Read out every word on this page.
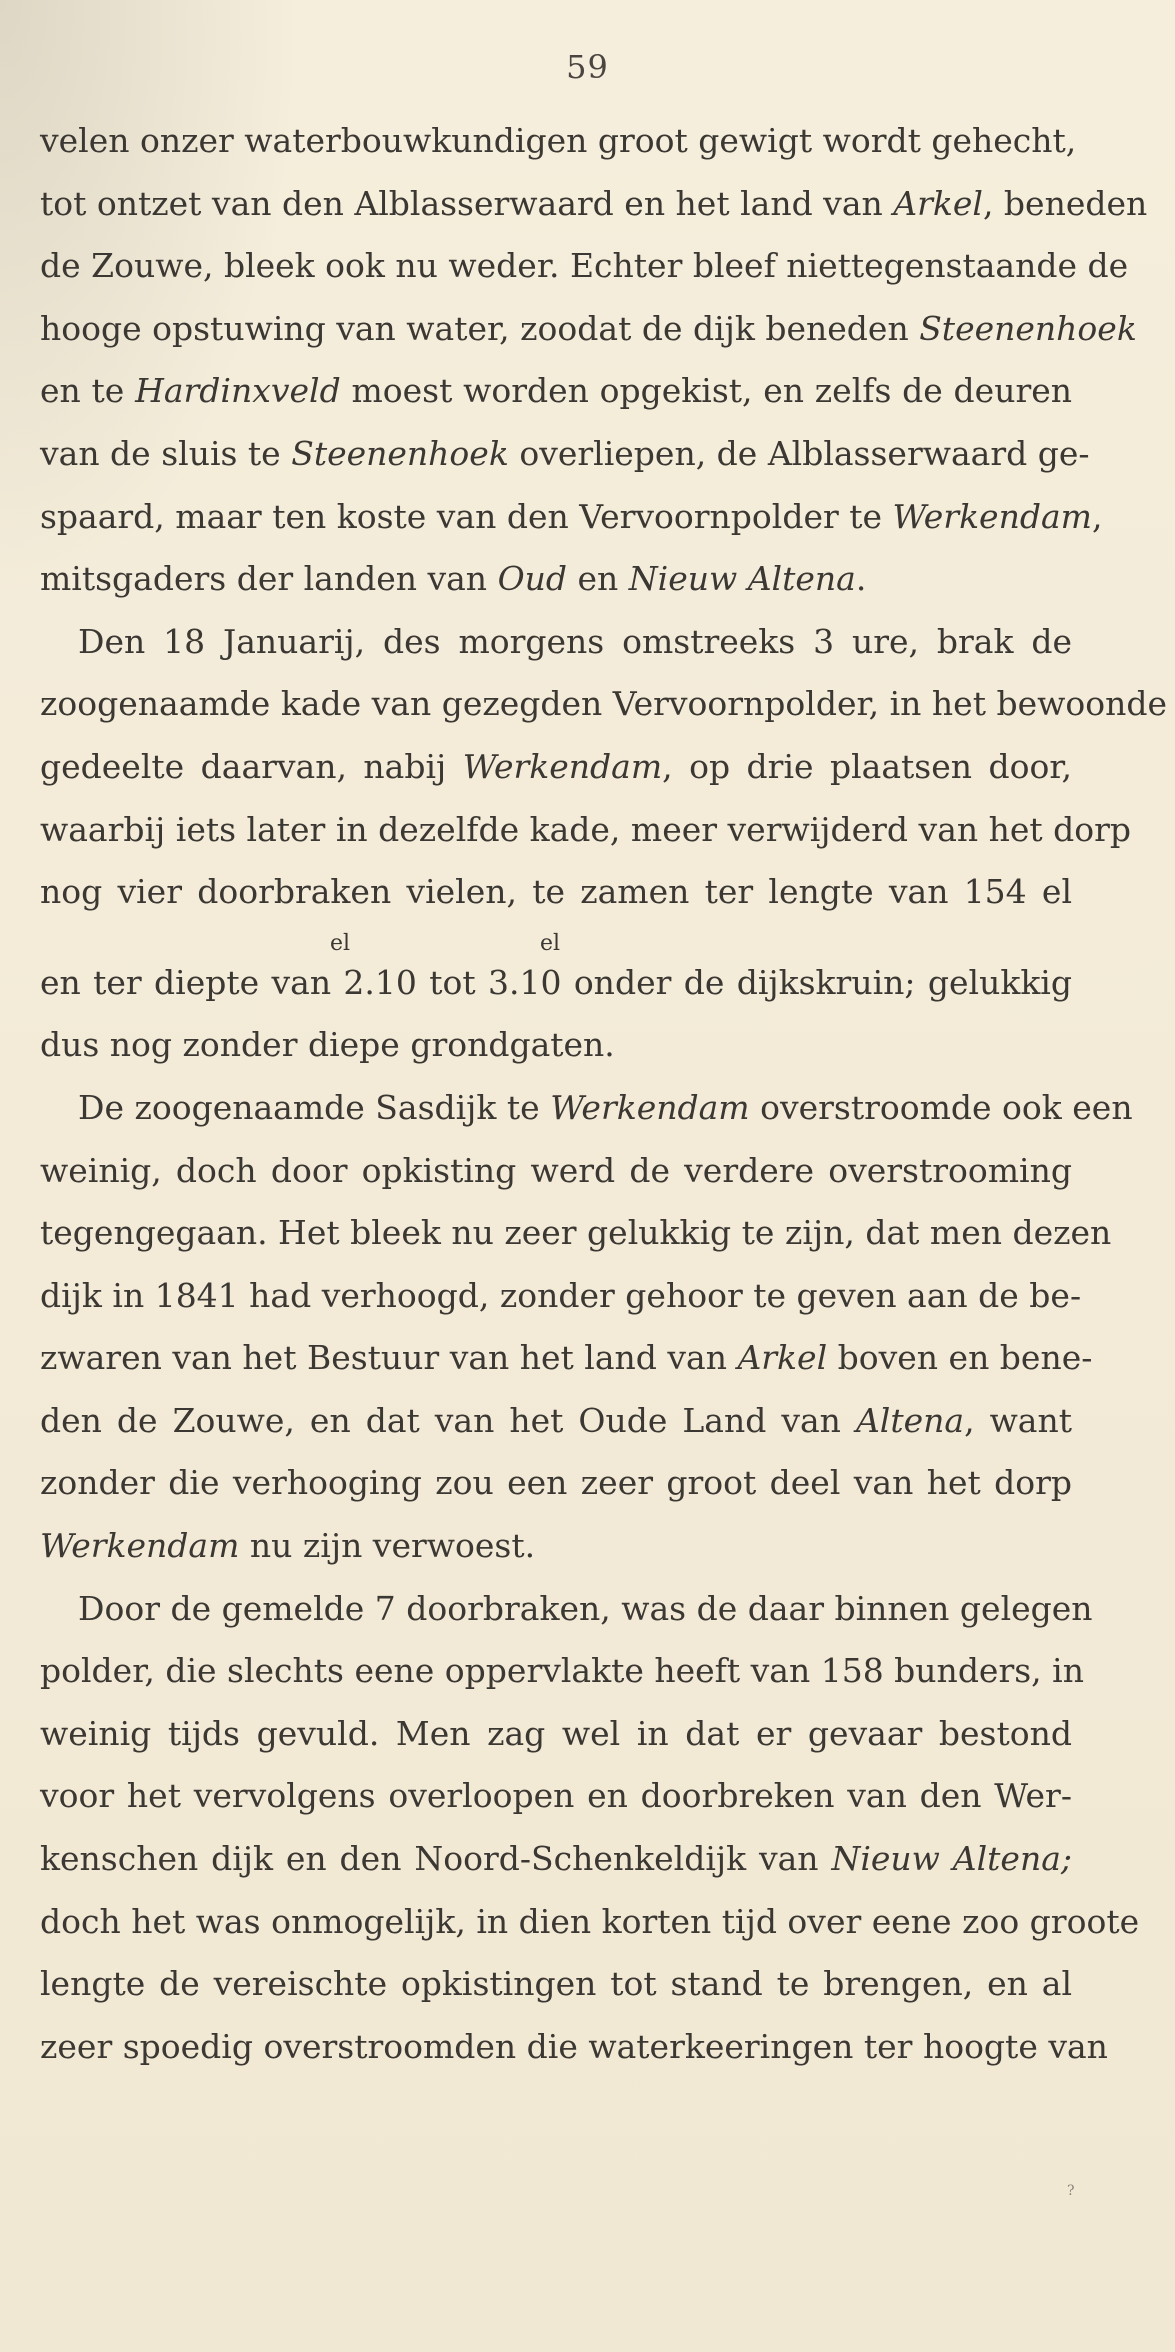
59
velen onzer waterbouwkundigen groot gewigt wordt gehecht,
tot ontzet van den Alblasserwaard en het land van Arkel, beneden
de Zouwe, bleek ook nu weder. Echter bleef niettegenstaande de
hooge opstuwing van water, zoodat de dijk beneden Steenenhoek
en te Hardinxveld moest worden opgekist, en zelfs de deuren
van de sluis te Steenenhoek overliepen, de Alblasserwaard ge-
spaard, maar ten koste van den Vervoornpolder te Werkendam,
mitsgaders der landen van Oud en Nieuw Altena.
Den 18 Januarij, des morgens omstreeks 3 ure, brak de
zoogenaamde kade van gezegden Vervoornpolder, in het bewoonde
gedeelte daarvan, nabij Werkendam, op drie plaatsen door,
waarbij iets later in dezelfde kade, meer verwijderd van het dorp
nog vier doorbraken vielen, te zamen ter lengte van 154 el
el	el
en ter diepte van 2.10 tot 3.10 onder de dijkskruin; gelukkig
dus nog zonder diepe grondgaten.
De zoogenaamde Sasdijk te Werkendam overstroomde ook een
weinig, doch door opkisting werd de verdere overstrooming
tegengegaan. Het bleek nu zeer gelukkig te zijn, dat men dezen
dijk in 1841 had verhoogd, zonder gehoor te geven aan de be-
zwaren van het Bestuur van het land van Arkel boven en bene-
den de Zouwe, en dat van het Oude Land van Altena, want
zonder die verhooging zou een zeer groot deel van het dorp
Werkendam nu zijn verwoest.
Door de gemelde 7 doorbraken, was de daar binnen gelegen
polder, die slechts eene oppervlakte heeft van 158 bunders, in
weinig tijds gevuld. Men zag wel in dat er gevaar bestond
voor het vervolgens overloopen en doorbreken van den Wer-
kenschen dijk en den Noord-Schenkeldijk van Nieuw Altena;
doch het was onmogelijk, in dien korten tijd over eene zoo groote
lengte de vereischte opkistingen tot stand te brengen, en al
zeer spoedig overstroomden die waterkeeringen ter hoogte van
?
